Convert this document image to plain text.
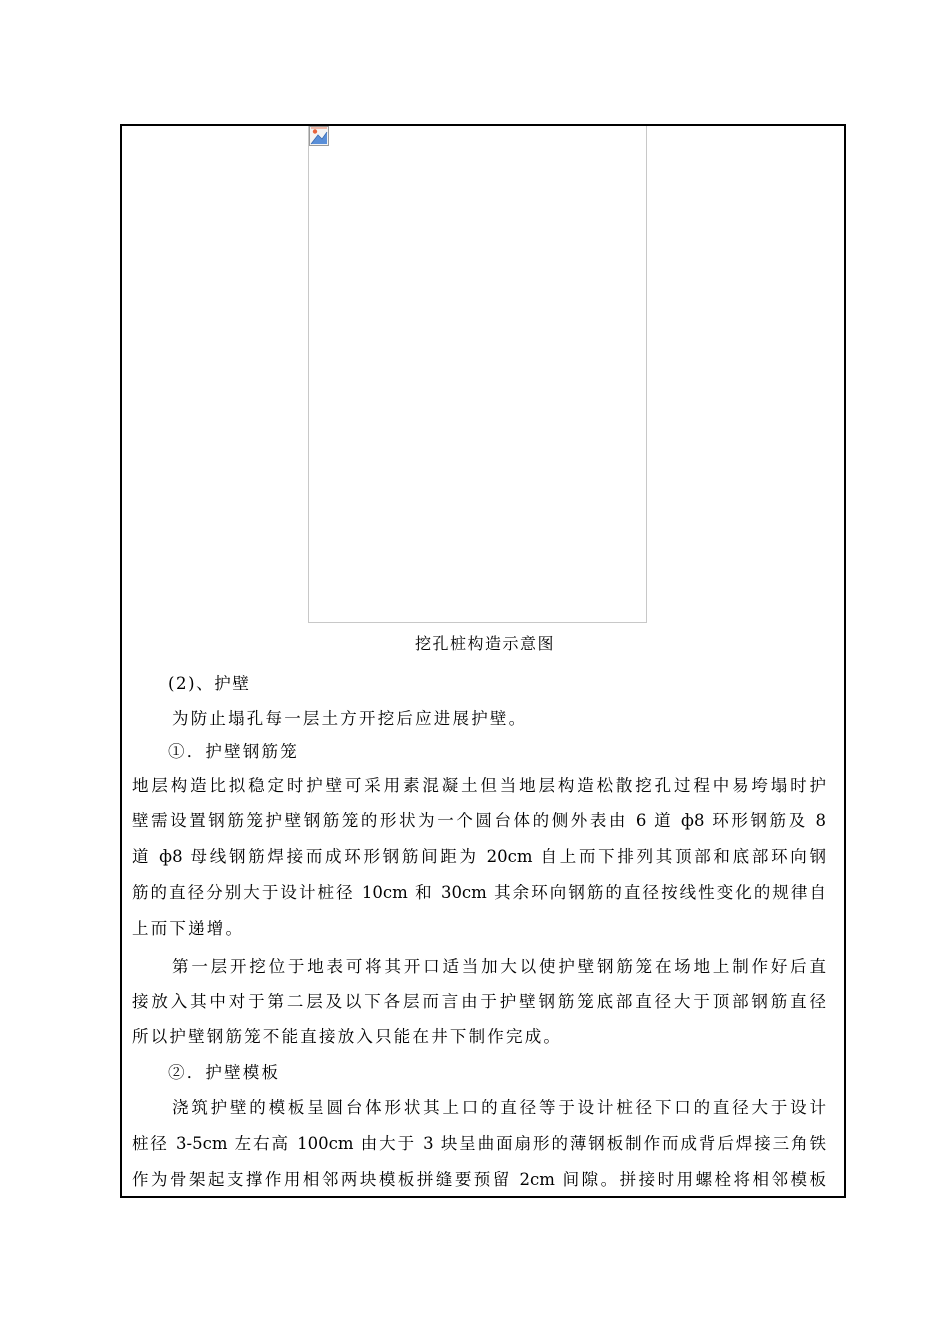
挖孔桩构造示意图
(2)、护壁
为防止塌孔每一层土方开挖后应进展护壁。
①．护壁钢筋笼
地层构造比拟稳定时护壁可采用素混凝土但当地层构造松散挖孔过程中易垮塌时护
壁需设置钢筋笼护壁钢筋笼的形状为一个圆台体的侧外表由 6 道 ф8 环形钢筋及 8
道 ф8 母线钢筋焊接而成环形钢筋间距为 20cm 自上而下排列其顶部和底部环向钢
筋的直径分别大于设计桩径 10cm 和 30cm 其余环向钢筋的直径按线性变化的规律自
上而下递增。
第一层开挖位于地表可将其开口适当加大以使护壁钢筋笼在场地上制作好后直
接放入其中对于第二层及以下各层而言由于护壁钢筋笼底部直径大于顶部钢筋直径
所以护壁钢筋笼不能直接放入只能在井下制作完成。
②．护壁模板
浇筑护壁的模板呈圆台体形状其上口的直径等于设计桩径下口的直径大于设计
桩径 3-5cm 左右高 100cm 由大于 3 块呈曲面扇形的薄钢板制作而成背后焊接三角铁
作为骨架起支撑作用相邻两块模板拼缝要预留 2cm 间隙。拼接时用螺栓将相邻模板
